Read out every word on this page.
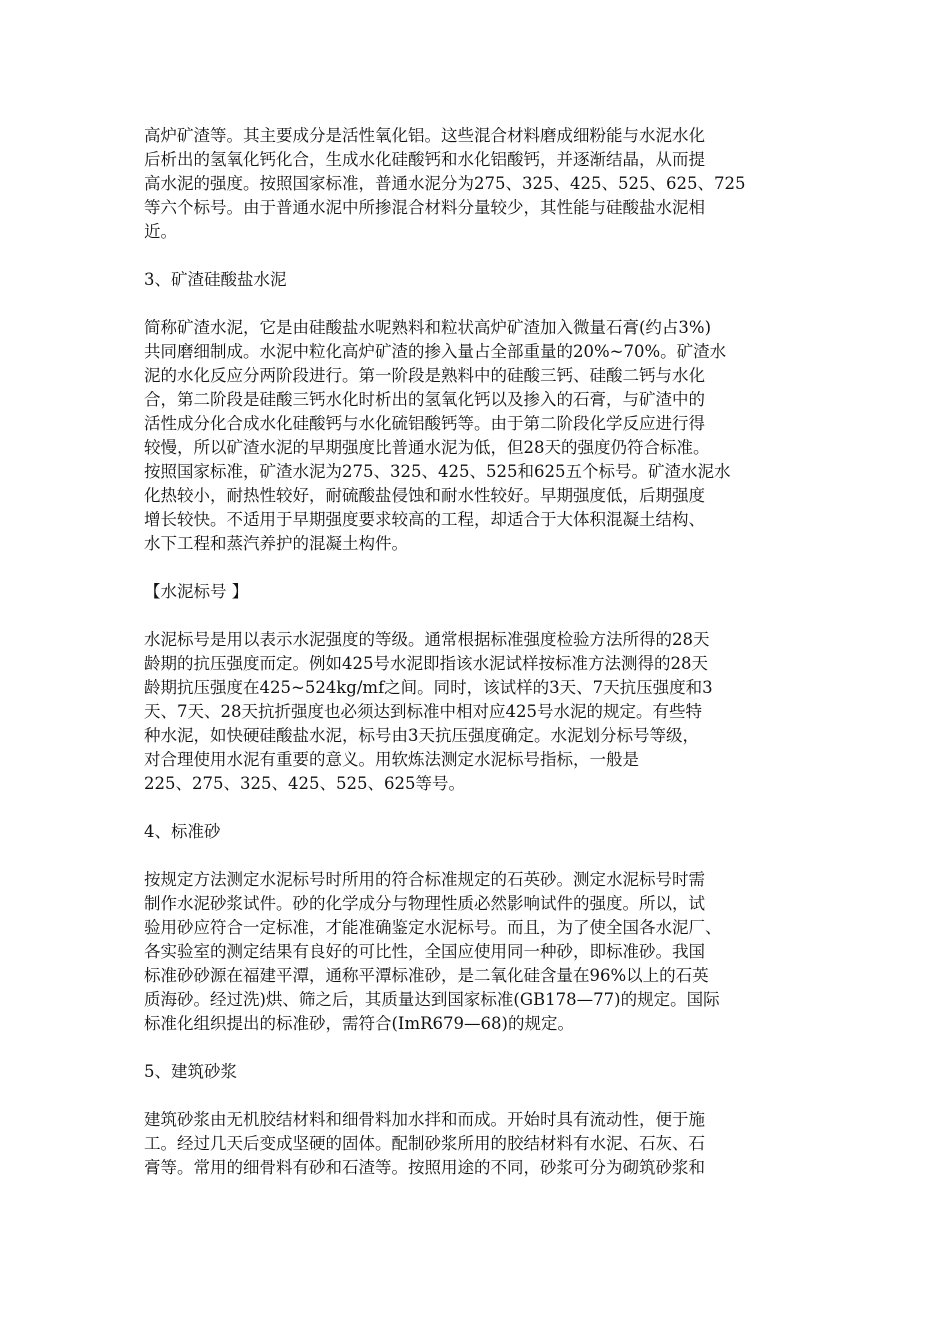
高炉矿渣等。其主要成分是活性氧化铝。这些混合材料磨成细粉能与水泥水化
后析出的氢氧化钙化合，生成水化硅酸钙和水化铝酸钙，并逐渐结晶，从而提
高水泥的强度。按照国家标准，普通水泥分为275、325、425、525、625、725
等六个标号。由于普通水泥中所掺混合材料分量较少，其性能与硅酸盐水泥相
近。
3、矿渣硅酸盐水泥
简称矿渣水泥，它是由硅酸盐水呢熟料和粒状高炉矿渣加入微量石膏(约占3%)
共同磨细制成。水泥中粒化高炉矿渣的掺入量占全部重量的20%~70%。矿渣水
泥的水化反应分两阶段进行。第一阶段是熟料中的硅酸三钙、硅酸二钙与水化
合，第二阶段是硅酸三钙水化时析出的氢氧化钙以及掺入的石膏，与矿渣中的
活性成分化合成水化硅酸钙与水化硫铝酸钙等。由于第二阶段化学反应进行得
较慢，所以矿渣水泥的早期强度比普通水泥为低，但28天的强度仍符合标准。
按照国家标准，矿渣水泥为275、325、425、525和625五个标号。矿渣水泥水
化热较小，耐热性较好，耐硫酸盐侵蚀和耐水性较好。早期强度低，后期强度
增长较快。不适用于早期强度要求较高的工程，却适合于大体积混凝土结构、
水下工程和蒸汽养护的混凝土构件。
【水泥标号 】
水泥标号是用以表示水泥强度的等级。通常根据标准强度检验方法所得的28天
龄期的抗压强度而定。例如425号水泥即指该水泥试样按标准方法测得的28天
龄期抗压强度在425~524kg/mf之间。同时，该试样的3天、7天抗压强度和3
天、7天、28天抗折强度也必须达到标准中相对应425号水泥的规定。有些特
种水泥，如快硬硅酸盐水泥，标号由3天抗压强度确定。水泥划分标号等级，
对合理使用水泥有重要的意义。用软炼法测定水泥标号指标，一般是
225、275、325、425、525、625等号。
4、标准砂
按规定方法测定水泥标号时所用的符合标准规定的石英砂。测定水泥标号时需
制作水泥砂浆试件。砂的化学成分与物理性质必然影响试件的强度。所以，试
验用砂应符合一定标准，才能准确鉴定水泥标号。而且，为了使全国各水泥厂、
各实验室的测定结果有良好的可比性，全国应使用同一种砂，即标准砂。我国
标准砂砂源在福建平潭，通称平潭标准砂，是二氧化硅含量在96%以上的石英
质海砂。经过洗)烘、筛之后，其质量达到国家标准(GB178—77)的规定。国际
标准化组织提出的标准砂，需符合(ImR679—68)的规定。
5、建筑砂浆
建筑砂浆由无机胶结材料和细骨料加水拌和而成。开始时具有流动性，便于施
工。经过几天后变成坚硬的固体。配制砂浆所用的胶结材料有水泥、石灰、石
膏等。常用的细骨料有砂和石渣等。按照用途的不同，砂浆可分为砌筑砂浆和
